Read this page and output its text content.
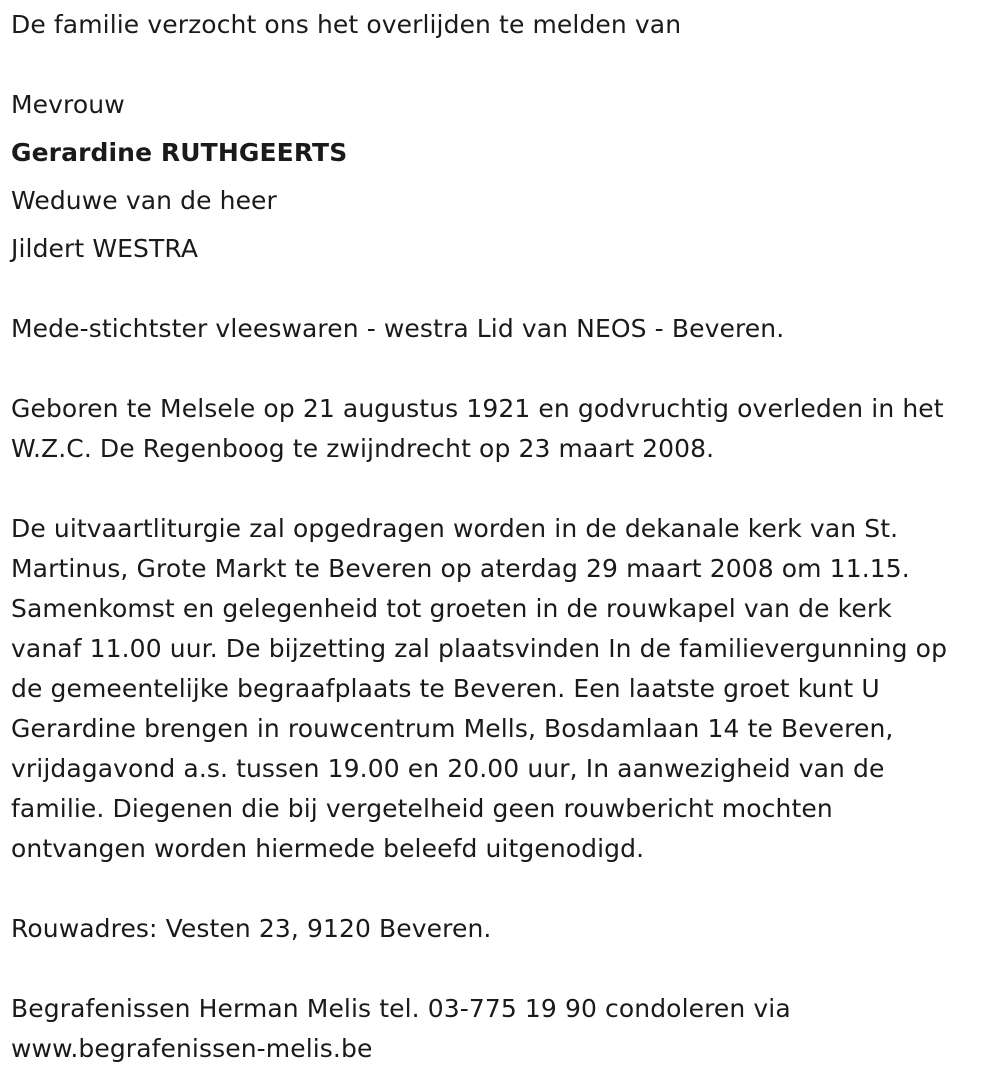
De familie verzocht ons het overlijden te melden van
Mevrouw
Gerardine RUTHGEERTS
Weduwe van de heer
Jildert WESTRA
Mede-stichtster vleeswaren - westra Lid van NEOS - Beveren.
Geboren te Melsele op 21 augustus 1921 en godvruchtig overleden in het
W.Z.C. De Regenboog te zwijndrecht op 23 maart 2008.
De uitvaartliturgie zal opgedragen worden in de dekanale kerk van St.
Martinus, Grote Markt te Beveren op aterdag 29 maart 2008 om 11.15.
Samenkomst en gelegenheid tot groeten in de rouwkapel van de kerk
vanaf 11.00 uur. De bijzetting zal plaatsvinden In de familievergunning op
de gemeentelijke begraafplaats te Beveren. Een laatste groet kunt U
Gerardine brengen in rouwcentrum Mells, Bosdamlaan 14 te Beveren,
vrijdagavond a.s. tussen 19.00 en 20.00 uur, In aanwezigheid van de
familie. Diegenen die bij vergetelheid geen rouwbericht mochten
ontvangen worden hiermede beleefd uitgenodigd.
Rouwadres: Vesten 23, 9120 Beveren.
Begrafenissen Herman Melis tel. 03-775 19 90 condoleren via
www.begrafenissen-melis.be
